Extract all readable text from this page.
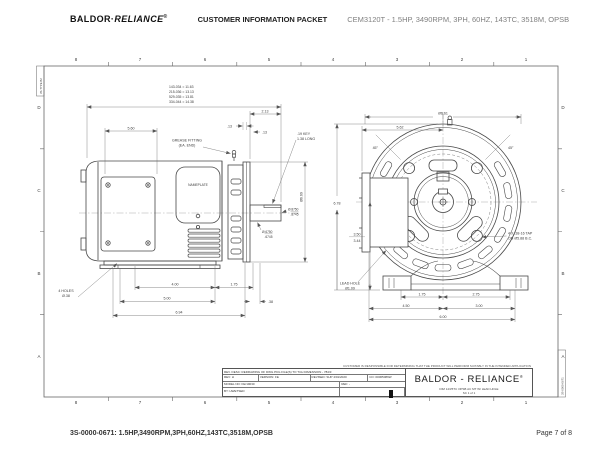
BALDOR·RELIANCE®	CUSTOMER INFORMATION PACKET	CEM3120T - 1.5HP, 3490RPM, 3PH, 60HZ, 143TC, 3518M, OPSB
8	7	6	5	4	3	2	1
8	7	6	5	4	3	2	1
D
C
B
A
D
C
B
A
3S-TYPE B2
3S-0000-0671
143-034 = 11.63
215-036 = 13.13
529-035 = 13.81
334-044 = 14.38
5.60
2.13
.13
.13
GREASE FITTING
(EA. END)
NAMEPLATE
.19 KEY
1.38 LONG
Ø6.69
Ø.8750
.8745
Ø.6750
.6745
4.00	1.75
5.00
.38
6.94
4 HOLES
Ø.38
Ø6.61
5.62
45°	45°
6.78
3.50
3.44
LEAD HOLE
Ø1.09
4 X .38-16 TAP
ON Ø5.88 B.C.
1.75	2.75
4.50	3.00
6.00
CUSTOMER IS RESPONSIBLE FOR DETERMINING THAT THE PRODUCT WILL PERFORM SUITABLY IN THE INTENDED APPLICATION
REV. DESC: REDRAWING OF DWG PKG FILE(S) TO TCH DIMENSION - 784/3
REV: H	VERSION: FE	REVISED: SUP 4/01/2020	CO: 00065086W
MODEL NO: FE/19030	REF: -
BY: HWETSED
BALDOR - RELIANCE®
DIM 143/5TC OPSB AC MT W/ LEAD HOLE
SC 1 of 1
3S-0000-0671: 1.5HP,3490RPM,3PH,60HZ,143TC,3518M,OPSB	Page 7 of 8
